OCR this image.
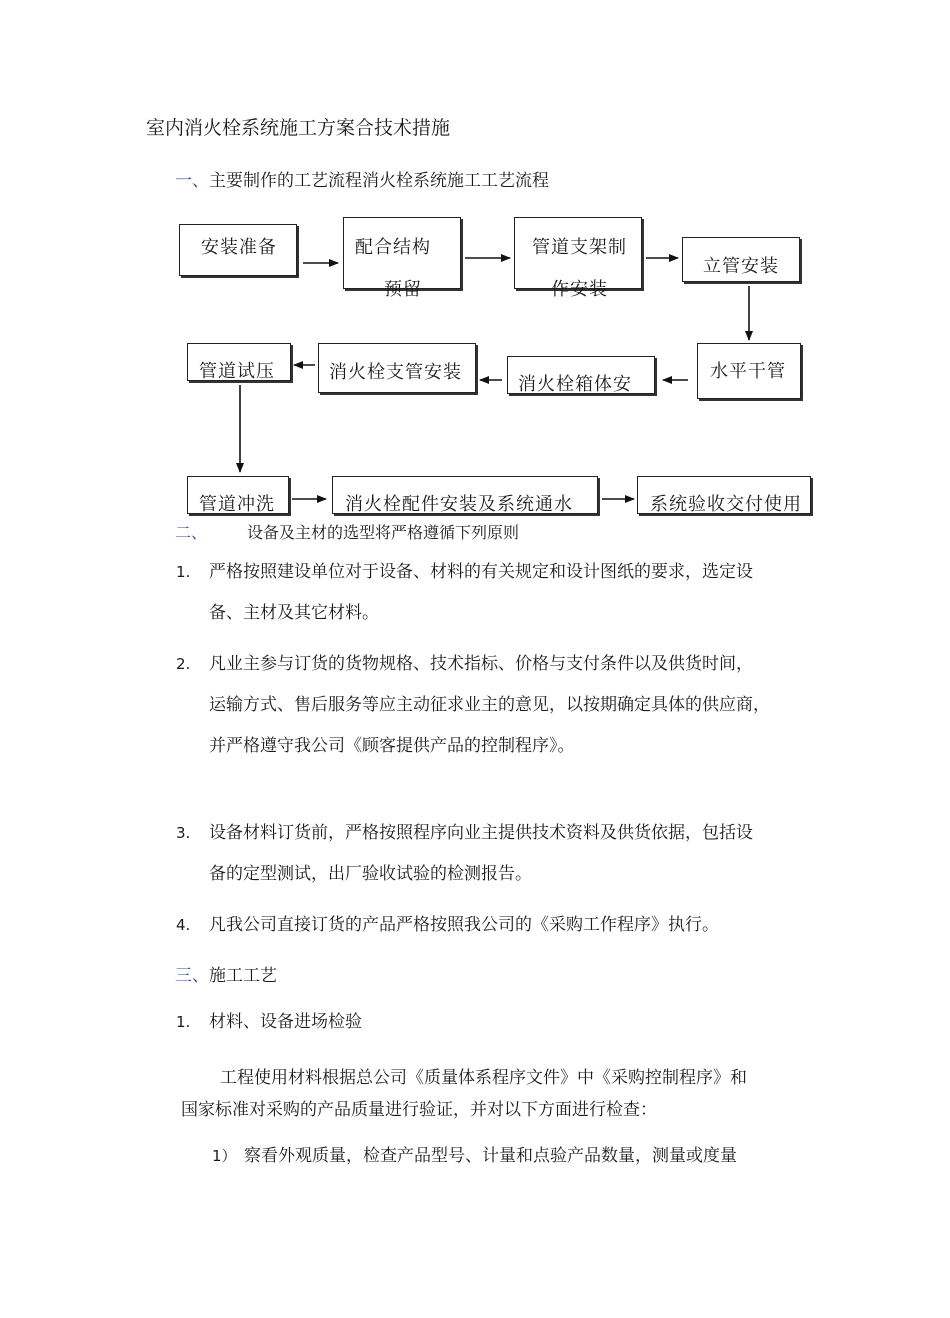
室内消火栓系统施工方案合技术措施
一、主要制作的工艺流程消火栓系统施工工艺流程
安装准备	配合结构
预留
管道支架制
作安装
立管安装
水平干管
消火栓箱体安
消火栓支管安装
管道试压
管道冲洗	消火栓配件安装及系统通水	系统验收交付使用
二、	设备及主材的选型将严格遵循下列原则
1. 严格按照建设单位对于设备、材料的有关规定和设计图纸的要求，选定设
备、主材及其它材料。
2. 凡业主参与订货的货物规格、技术指标、价格与支付条件以及供货时间，
运输方式、售后服务等应主动征求业主的意见，以按期确定具体的供应商，
并严格遵守我公司《顾客提供产品的控制程序》。
3. 设备材料订货前，严格按照程序向业主提供技术资料及供货依据，包括设
备的定型测试，出厂验收试验的检测报告。
4. 凡我公司直接订货的产品严格按照我公司的《采购工作程序》执行。
三、施工工艺
1. 材料、设备进场检验
工程使用材料根据总公司《质量体系程序文件》中《采购控制程序》和
国家标准对采购的产品质量进行验证，并对以下方面进行检查：
1） 察看外观质量，检查产品型号、计量和点验产品数量，测量或度量
